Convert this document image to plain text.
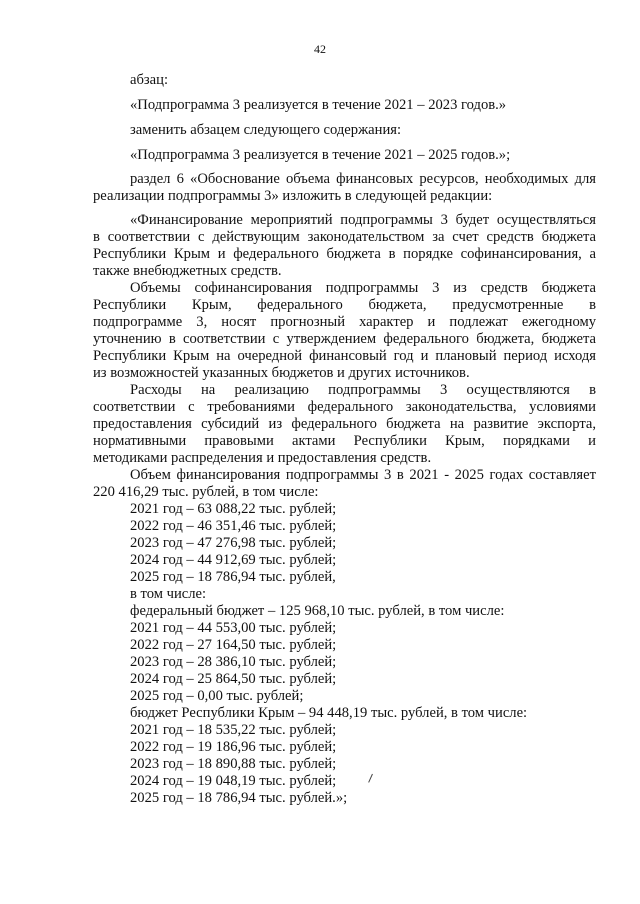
42

абзац:

«Подпрограмма 3 реализуется в течение 2021 – 2023 годов.»

заменить абзацем следующего содержания:

«Подпрограмма 3 реализуется в течение 2021 – 2025 годов.»;

раздел 6 «Обоснование объема финансовых ресурсов, необходимых для

реализации подпрограммы 3» изложить в следующей редакции:

«Финансирование мероприятий подпрограммы 3 будет осуществляться

в соответствии с действующим законодательством за счет средств бюджета

Республики Крым и федерального бюджета в порядке софинансирования, а

также внебюджетных средств.

Объемы софинансирования подпрограммы 3 из средств бюджета

Республики Крым, федерального бюджета, предусмотренные в

подпрограмме 3, носят прогнозный характер и подлежат ежегодному

уточнению в соответствии с утверждением федерального бюджета, бюджета

Республики Крым на очередной финансовый год и плановый период исходя

из возможностей указанных бюджетов и других источников.

Расходы на реализацию подпрограммы 3 осуществляются в

соответствии с требованиями федерального законодательства, условиями

предоставления субсидий из федерального бюджета на развитие экспорта,

нормативными правовыми актами Республики Крым, порядками и

методиками распределения и предоставления средств.

Объем финансирования подпрограммы 3 в 2021 - 2025 годах составляет

220 416,29 тыс. рублей, в том числе:

2021 год – 63 088,22 тыс. рублей;

2022 год – 46 351,46 тыс. рублей;

2023 год – 47 276,98 тыс. рублей;

2024 год – 44 912,69 тыс. рублей;

2025 год – 18 786,94 тыс. рублей,

в том числе:

федеральный бюджет – 125 968,10 тыс. рублей, в том числе:

2021 год – 44 553,00 тыс. рублей;

2022 год – 27 164,50 тыс. рублей;

2023 год – 28 386,10 тыс. рублей;

2024 год – 25 864,50 тыс. рублей;

2025 год – 0,00 тыс. рублей;

бюджет Республики Крым – 94 448,19 тыс. рублей, в том числе:

2021 год – 18 535,22 тыс. рублей;

2022 год – 19 186,96 тыс. рублей;

2023 год – 18 890,88 тыс. рублей;

2024 год – 19 048,19 тыс. рублей;

2025 год – 18 786,94 тыс. рублей.»;
